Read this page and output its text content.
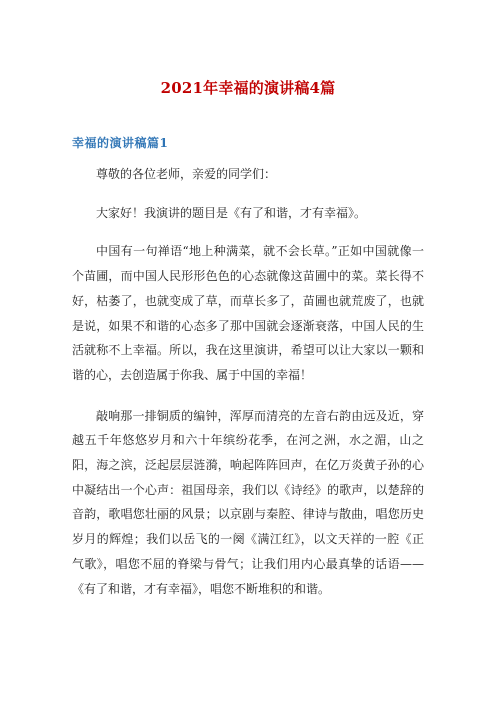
2021年幸福的演讲稿4篇
幸福的演讲稿篇1

尊敬的各位老师，亲爱的同学们：

大家好！我演讲的题目是《有了和谐，才有幸福》。

中国有一句禅语“地上种满菜，就不会长草。”正如中国就像一个苗圃，而中国人民形形色色的心态就像这苗圃中的菜。菜长得不好，枯萎了，也就变成了草，而草长多了，苗圃也就荒废了，也就是说，如果不和谐的心态多了那中国就会逐渐衰落，中国人民的生活就称不上幸福。所以，我在这里演讲，希望可以让大家以一颗和谐的心，去创造属于你我、属于中国的幸福！

敲响那一排铜质的编钟，浑厚而清亮的左音右韵由远及近，穿越五千年悠悠岁月和六十年缤纷花季，在河之洲，水之湄，山之阳，海之滨，泛起层层涟漪，响起阵阵回声，在亿万炎黄子孙的心中凝结出一个心声：祖国母亲，我们以《诗经》的歌声，以楚辞的音韵，歌唱您壮丽的风景；以京剧与秦腔、律诗与散曲，唱您历史岁月的辉煌；我们以岳飞的一阕《满江红》，以文天祥的一腔《正气歌》，唱您不屈的脊梁与骨气；让我们用内心最真挚的话语——《有了和谐，才有幸福》，唱您不断堆积的和谐。
